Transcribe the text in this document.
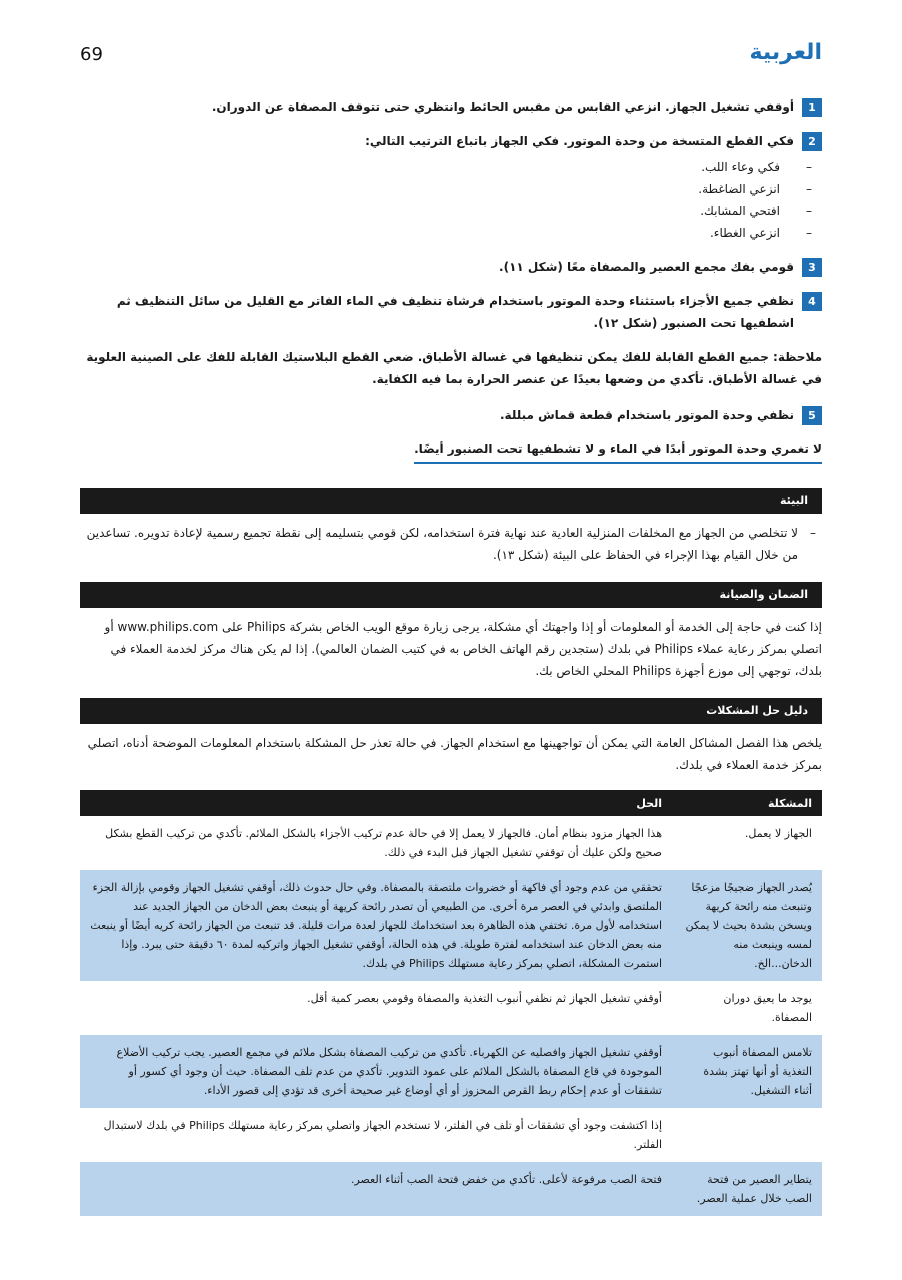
69	العربية
1
أوقفي تشغيل الجهاز. انزعي القابس من مقبس الحائط وانتظري حتى تتوقف المصفاة عن الدوران.
2
فكي القطع المتسخة من وحدة الموتور. فكي الجهاز باتباع الترتيب التالي:
– فكي وعاء اللب.
– انزعي الضاغطة.
– افتحي المشابك.
– انزعي الغطاء.
3
قومي بفك مجمع العصير والمصفاة معًا (شكل ١١).
4
نظفي جميع الأجزاء باستثناء وحدة الموتور باستخدام فرشاة تنظيف في الماء الفاتر مع القليل من سائل التنظيف ثم اشطفيها تحت الصنبور (شكل ١٢).

ملاحظة: جميع القطع القابلة للفك يمكن تنظيفها في غسالة الأطباق. ضعي القطع البلاستيك القابلة للفك على الصينية العلوية في غسالة الأطباق. تأكدي من وضعها بعيدًا عن عنصر الحرارة بما فيه الكفاية.

5
نظفي وحدة الموتور باستخدام قطعة قماش مبللة.
لا تغمري وحدة الموتور أبدًا في الماء و لا تشطفيها تحت الصنبور أيضًا.
البيئة
– لا تتخلصي من الجهاز مع المخلفات المنزلية العادية عند نهاية فترة استخدامه، لكن قومي بتسليمه إلى نقطة تجميع رسمية لإعادة تدويره. تساعدين من خلال القيام بهذا الإجراء في الحفاظ على البيئة (شكل ١٣).
الضمان والصيانة
إذا كنت في حاجة إلى الخدمة أو المعلومات أو إذا واجهتك أي مشكلة، يرجى زيارة موقع الويب الخاص بشركة Philips على www.philips.com أو اتصلي بمركز رعاية عملاء Philips في بلدك (ستجدين رقم الهاتف الخاص به في كتيب الضمان العالمي). إذا لم يكن هناك مركز لخدمة العملاء في بلدك، توجهي إلى موزع أجهزة Philips المحلي الخاص بك.
دليل حل المشكلات
يلخص هذا الفصل المشاكل العامة التي يمكن أن تواجهينها مع استخدام الجهاز. في حالة تعذر حل المشكلة باستخدام المعلومات الموضحة أدناه، اتصلي بمركز خدمة العملاء في بلدك.
المشكلة	الحل
الجهاز لا يعمل.	هذا الجهاز مزود بنظام أمان. فالجهاز لا يعمل إلا في حالة عدم تركيب الأجزاء بالشكل الملائم. تأكدي من تركيب القطع بشكل صحيح ولكن عليك أن توقفي تشغيل الجهاز قبل البدء في ذلك.
يُصدر الجهاز ضجيجًا مزعجًا وتنبعث منه رائحة كريهة ويسخن بشدة بحيث لا يمكن لمسه وينبعث منه الدخان...الخ.	تحققي من عدم وجود أي فاكهة أو خضروات ملتصقة بالمصفاة. وفي حال حدوث ذلك، أوقفي تشغيل الجهاز وقومي بإزالة الجزء الملتصق وابدئي في العصر مرة أخرى. من الطبيعي أن تصدر رائحة كريهة أو ينبعث بعض الدخان من الجهاز الجديد عند استخدامه لأول مرة. تختفي هذه الظاهرة بعد استخدامك للجهاز لعدة مرات قليلة. قد تنبعث من الجهاز رائحة كريه أيضًا أو ينبعث منه بعض الدخان عند استخدامه لفترة طويلة. في هذه الحالة، أوقفي تشغيل الجهاز واتركيه لمدة ٦٠ دقيقة حتى يبرد. وإذا استمرت المشكلة، اتصلي بمركز رعاية مستهلك Philips في بلدك.
يوجد ما يعيق دوران المصفاة.	أوقفي تشغيل الجهاز ثم نظفي أنبوب التغذية والمصفاة وقومي بعصر كمية أقل.
تلامس المصفاة أنبوب التغذية أو أنها تهتز بشدة أثناء التشغيل.	أوقفي تشغيل الجهاز وافصليه عن الكهرباء. تأكدي من تركيب المصفاة بشكل ملائم في مجمع العصير. يجب تركيب الأضلاع الموجودة في قاع المصفاة بالشكل الملائم على عمود التدوير. تأكدي من عدم تلف المصفاة. حيث أن وجود أي كسور أو تشققات أو عدم إحكام ربط القرص المحزوز أو أي أوضاع غير صحيحة أخرى قد تؤدي إلى قصور الأداء.
	إذا اكتشفت وجود أي تشققات أو تلف في الفلتر، لا تستخدم الجهاز واتصلي بمركز رعاية مستهلك Philips في بلدك لاستبدال الفلتر.
يتطاير العصير من فتحة الصب خلال عملية العصر.	فتحة الصب مرفوعة لأعلى. تأكدي من خفض فتحة الصب أثناء العصر.
